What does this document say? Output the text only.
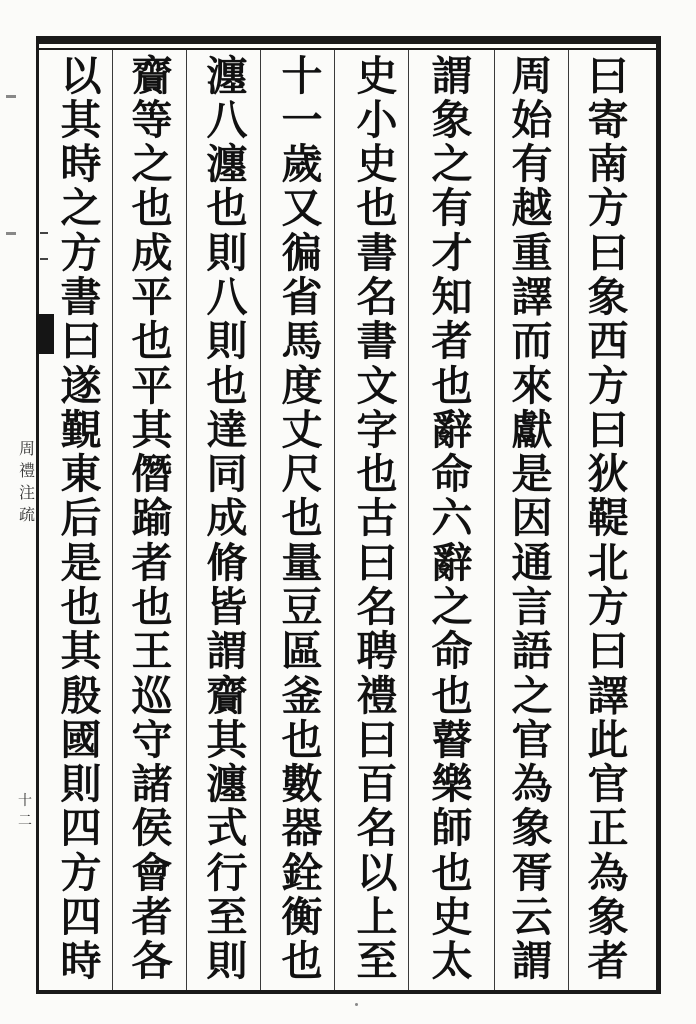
曰
寄
南
方
曰
象
西
方
曰
狄
鞮
北
方
曰
譯
此
官
正
為
象
者
周
始
有
越
重
譯
而
來
獻
是
因
通
言
語
之
官
為
象
胥
云
謂
謂
象
之
有
才
知
者
也
辭
命
六
辭
之
命
也
瞽
樂
師
也
史
太
史
小
史
也
書
名
書
文
字
也
古
曰
名
聘
禮
曰
百
名
以
上
至
十
一
歲
又
徧
省
馬
度
丈
尺
也
量
豆
區
釜
也
數
器
銓
衡
也
瀍
八
瀍
也
則
八
則
也
達
同
成
脩
皆
謂
齎
其
瀍
式
行
至
則
齎
等
之
也
成
平
也
平
其
僭
踰
者
也
王
巡
守
諸
侯
會
者
各
以
其
時
之
方
書
曰
遂
覲
東
后
是
也
其
殷
國
則
四
方
四
時
周
禮
注
疏
十二
